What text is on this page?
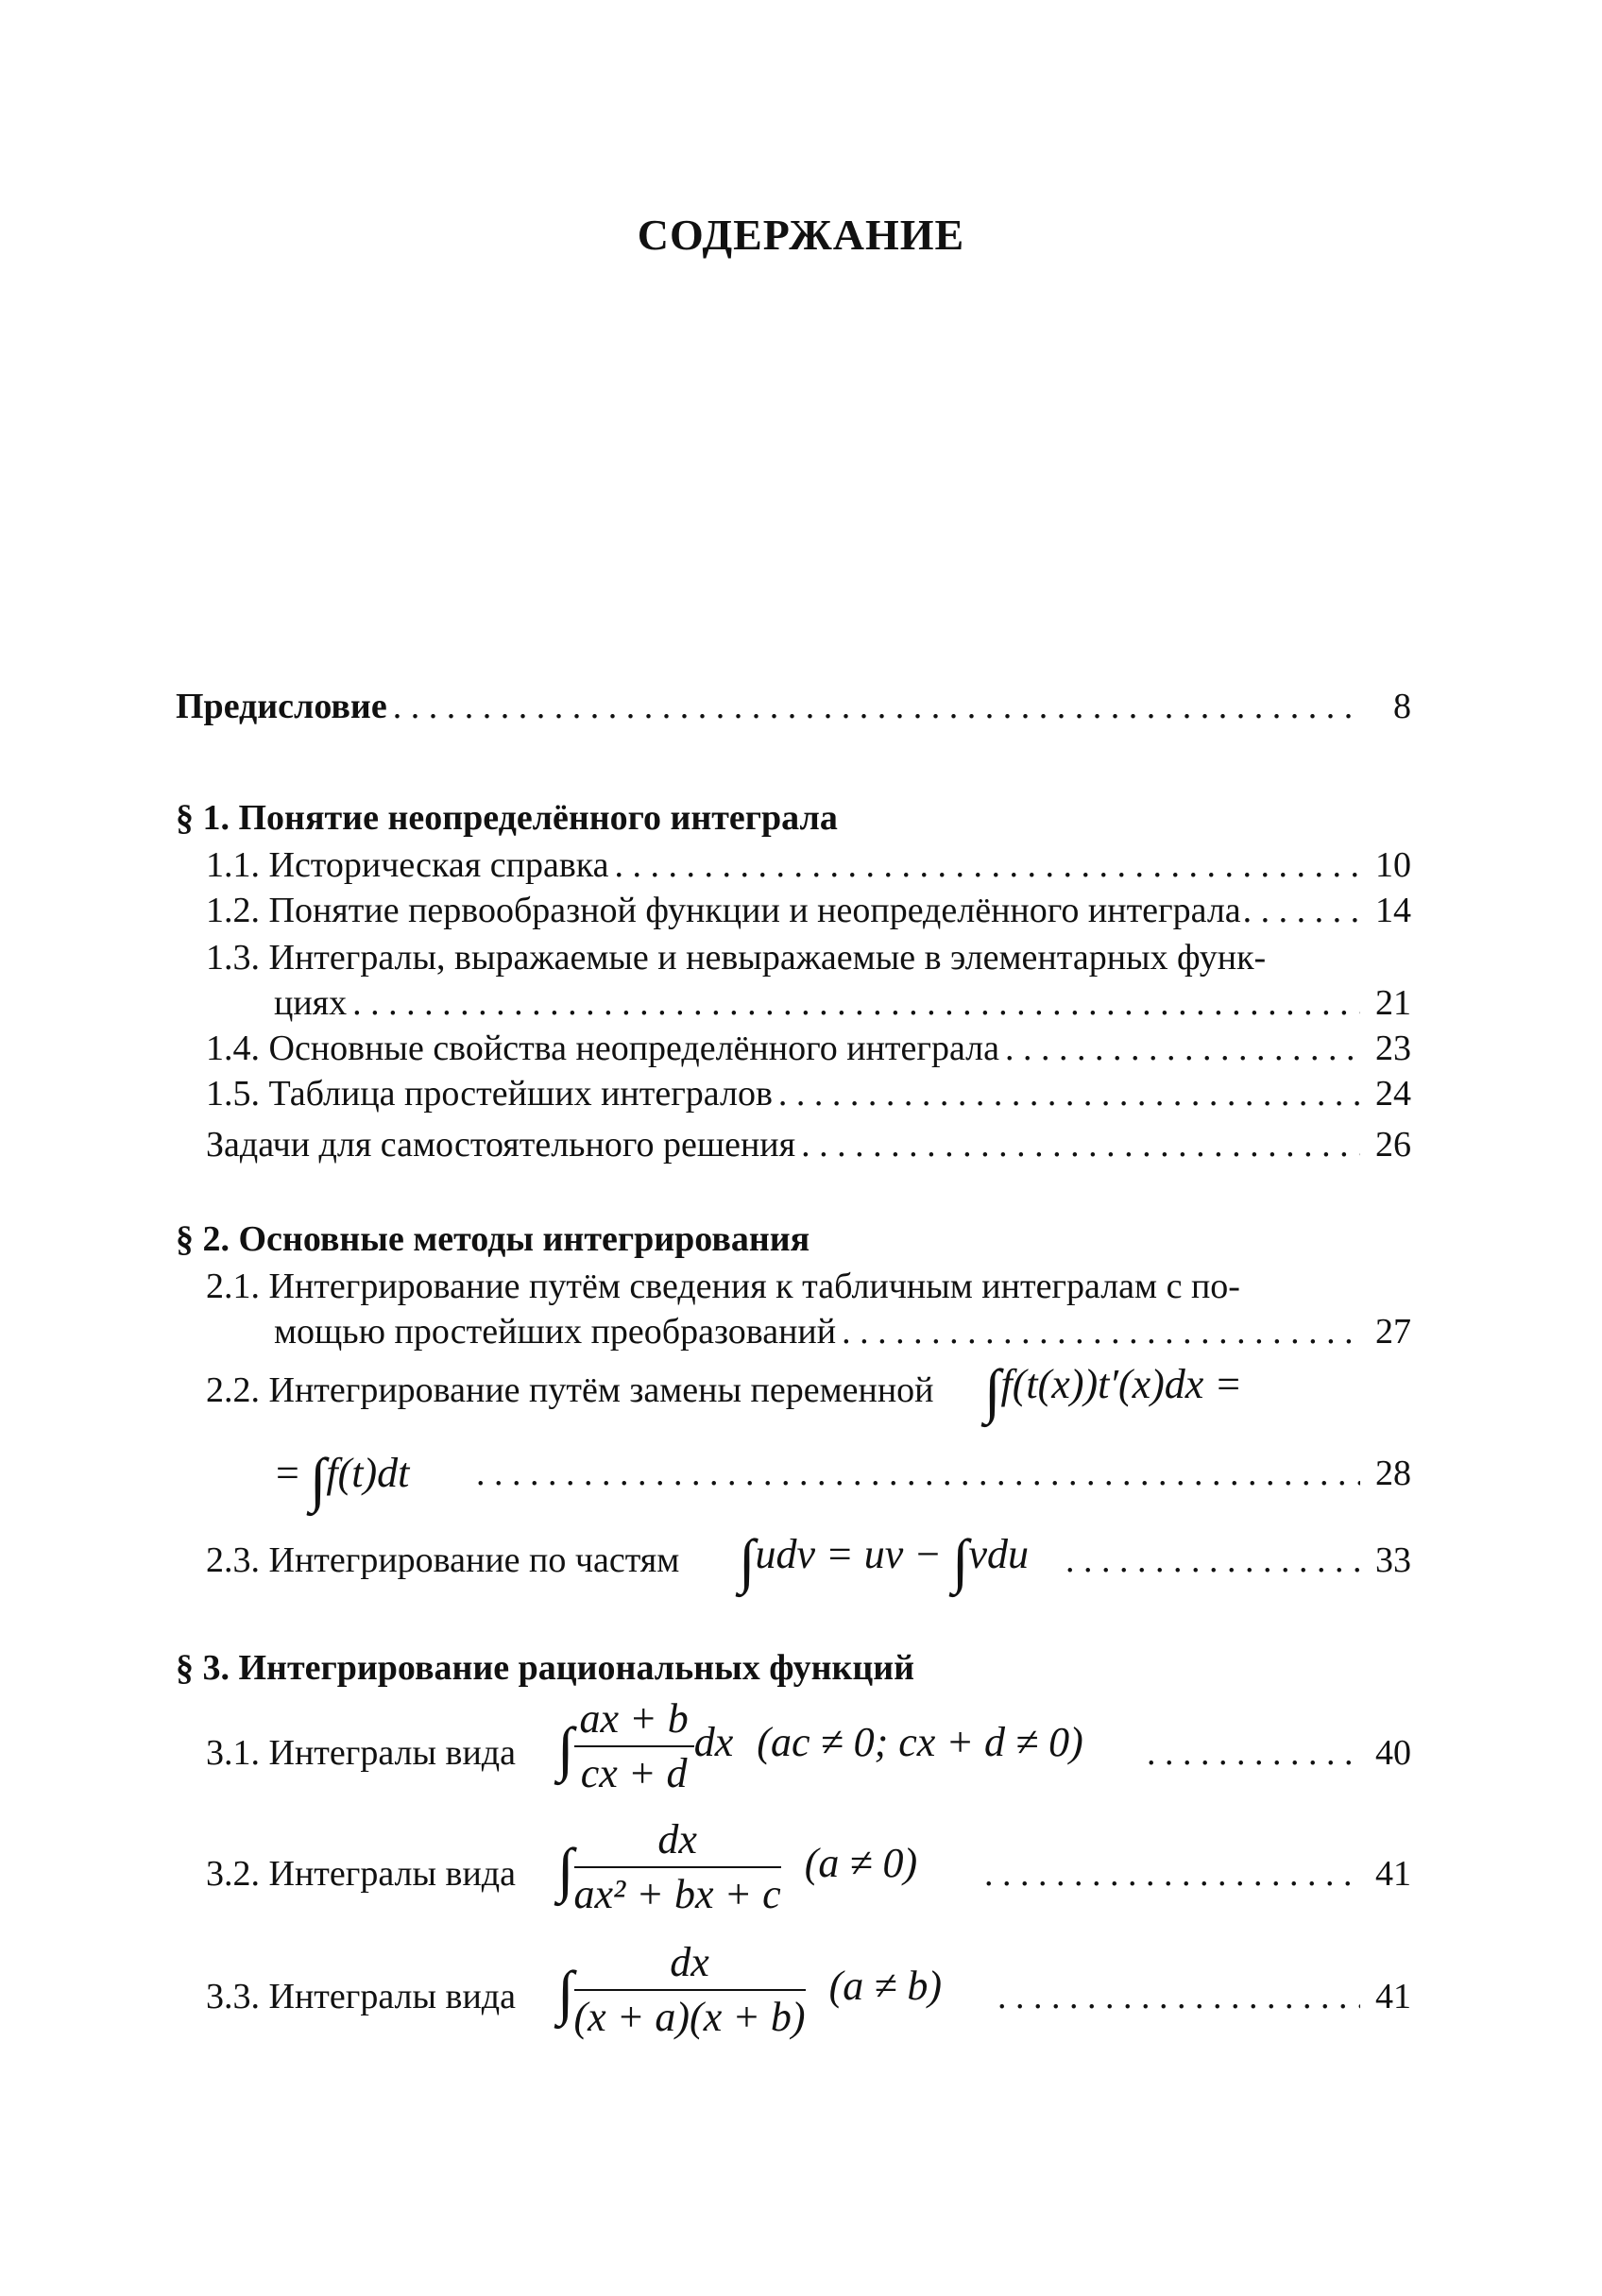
СОДЕРЖАНИЕ
Предисловие . . .	8
§ 1. Понятие неопределённого интеграла
1.1. Историческая справка . . .	10
1.2. Понятие первообразной функции и неопределённого интеграла . . .	14
1.3. Интегралы, выражаемые и невыражаемые в элементарных функ-
циях . . .	21
1.4. Основные свойства неопределённого интеграла . . .	23
1.5. Таблица простейших интегралов . . .	24
Задачи для самостоятельного решения . . .	26
§ 2. Основные методы интегрирования
2.1. Интегрирование путём сведения к табличным интегралам с по-
мощью простейших преобразований . . .	27
2.2. Интегрирование путём замены переменной ∫f(t(x))t′(x)dx =
= ∫f(t)dt . . .	28
2.3. Интегрирование по частям ∫udv = uv − ∫vdu . . .	33
§ 3. Интегрирование рациональных функций
3.1. Интегралы вида ∫ $\frac{ax + b}{cx + d}$ dx (ac ≠ 0; cx + d ≠ 0) . . .	40
3.2. Интегралы вида ∫ $\frac{dx}{\text{ax² + bx + c}} (a \ne 0)$ . . .	41
3.3. Интегралы вида ∫ $\frac{dx}{(x + a)(x + b)} (a \ne b)$ . . .	41
